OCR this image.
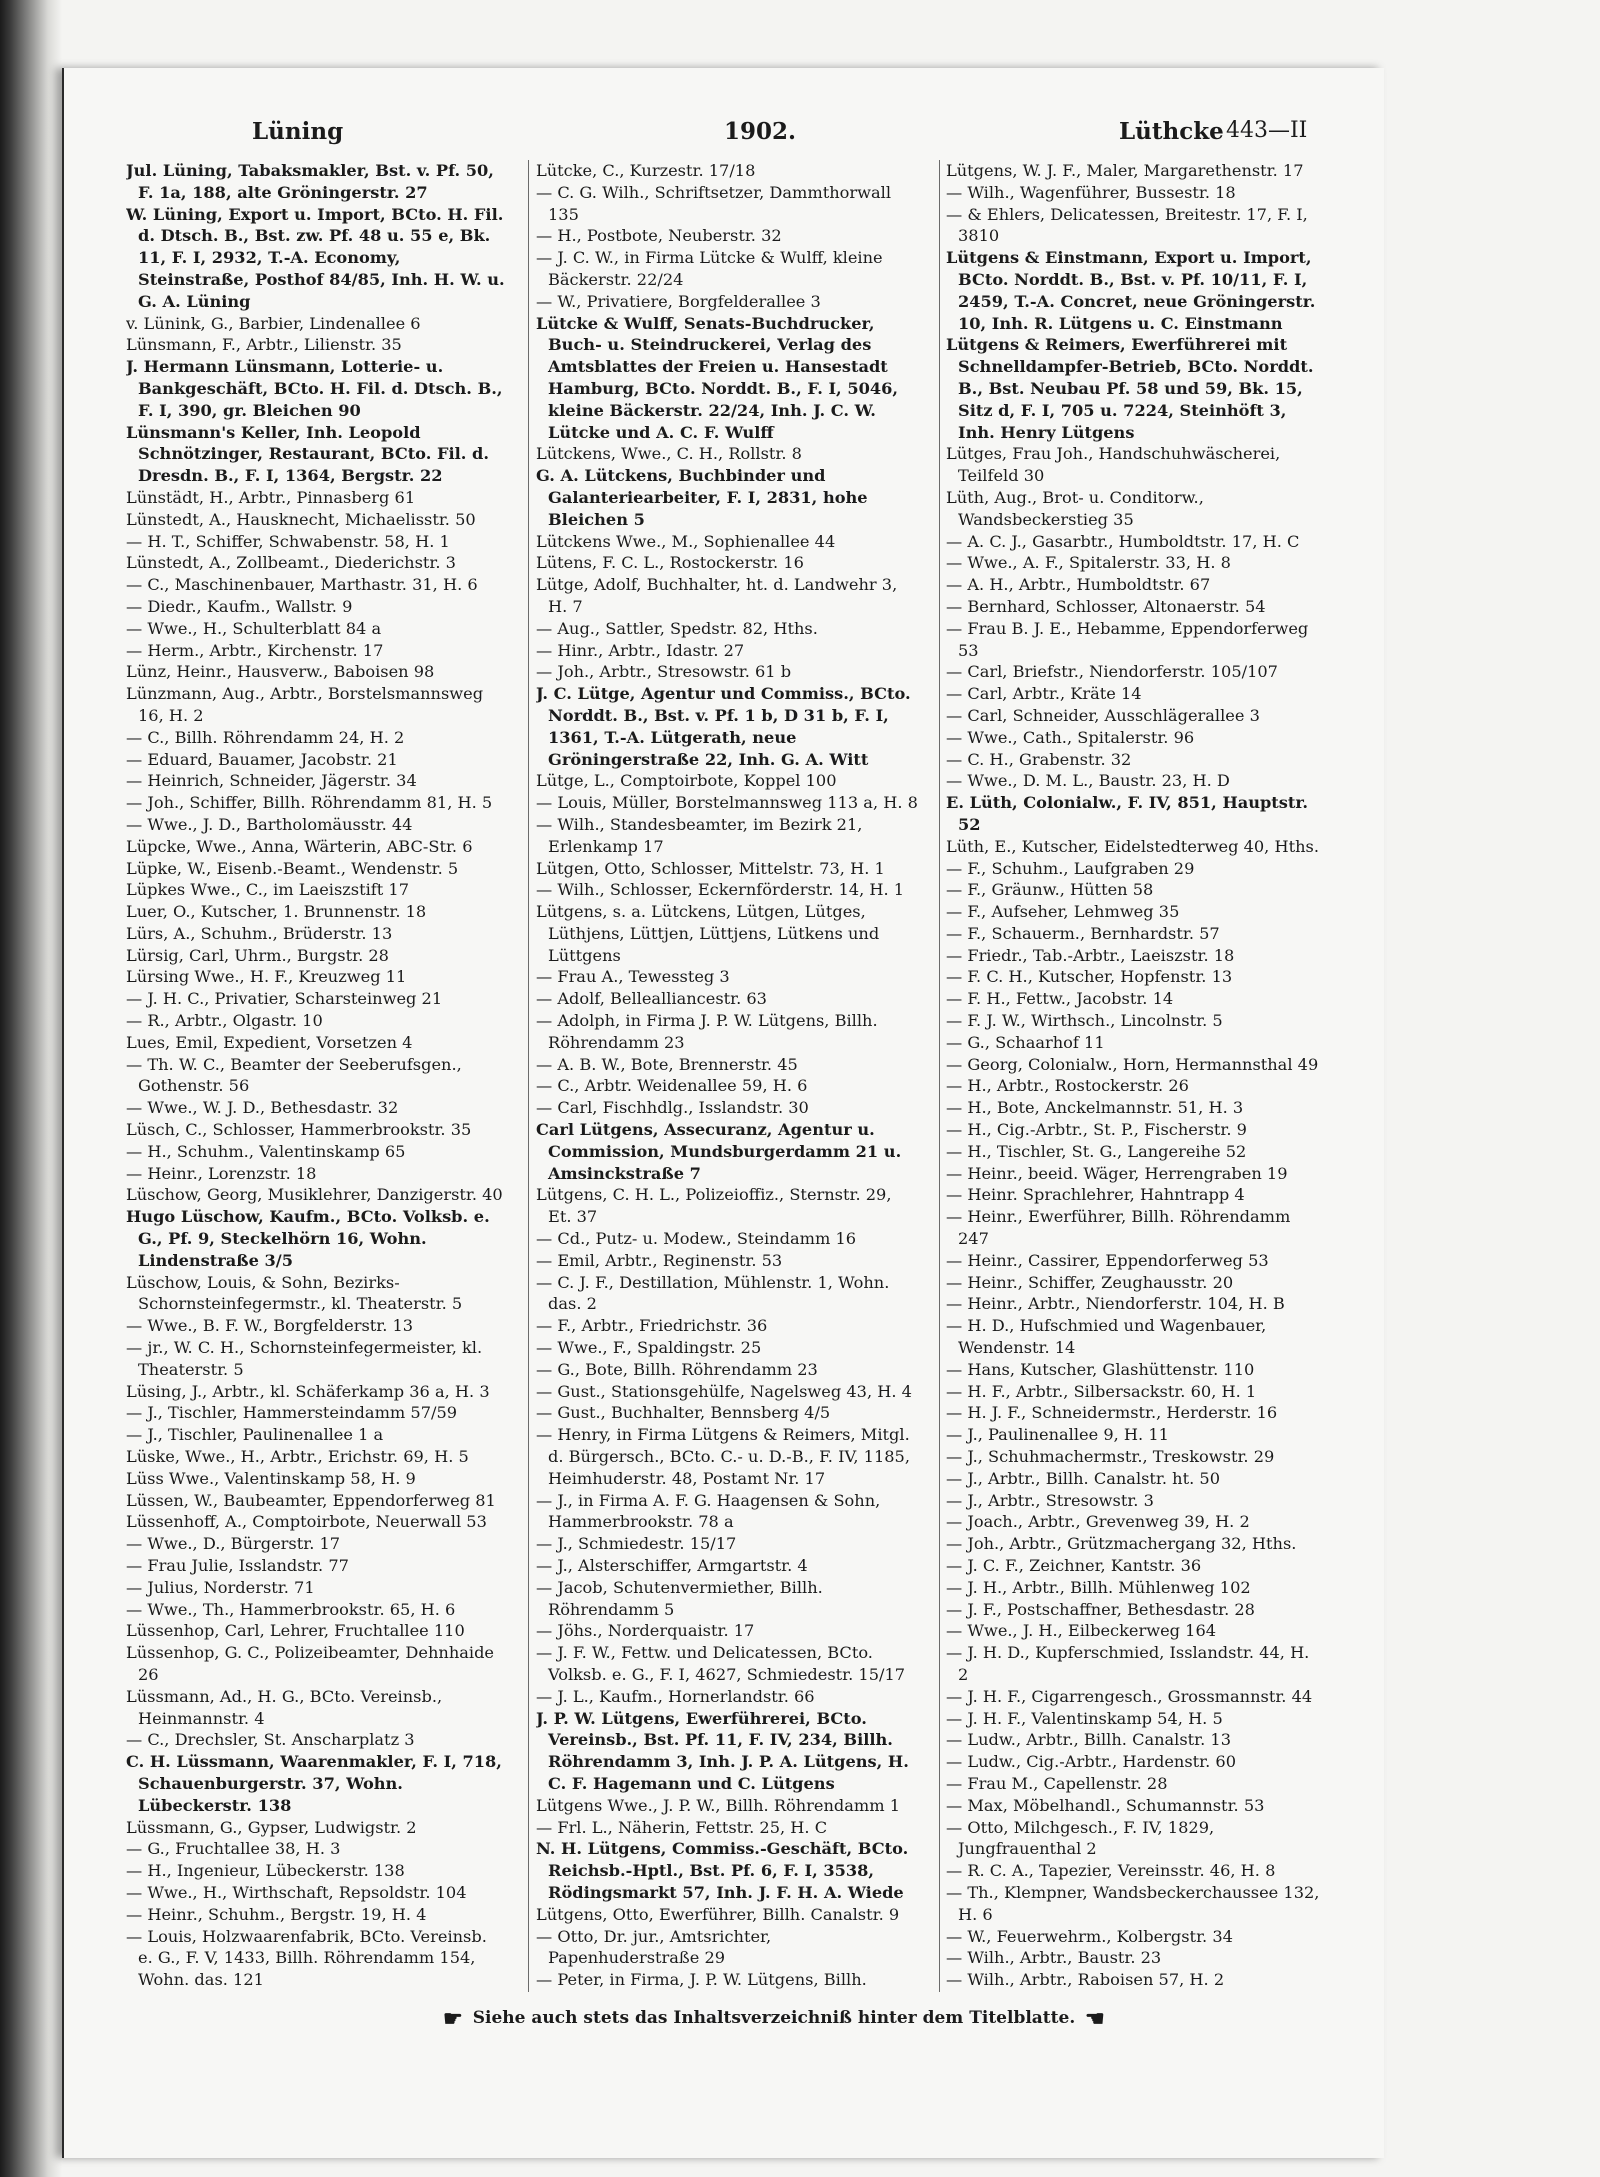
Lüning	1902.	Lüthcke 443—II

Jul. Lüning, Tabaksmakler, Bst. v. Pf. 50, F. 1a, 188, alte Gröningerstr. 27

W. Lüning, Export u. Import, BCto. H. Fil. d. Dtsch. B., Bst. zw. Pf. 48 u. 55 e, Bk. 11, F. I, 2932, T.-A. Economy, Steinstraße, Posthof 84/85, Inh. H. W. u. G. A. Lüning

v. Lünink, G., Barbier, Lindenallee 6

Lünsmann, F., Arbtr., Lilienstr. 35

J. Hermann Lünsmann, Lotterie- u. Bankgeschäft, BCto. H. Fil. d. Dtsch. B., F. I, 390, gr. Bleichen 90

Lünsmann's Keller, Inh. Leopold Schnötzinger, Restaurant, BCto. Fil. d. Dresdn. B., F. I, 1364, Bergstr. 22

Lünstädt, H., Arbtr., Pinnasberg 61

Lünstedt, A., Hausknecht, Michaelisstr. 50

— H. T., Schiffer, Schwabenstr. 58, H. 1

Lünstedt, A., Zollbeamt., Diederichstr. 3

— C., Maschinenbauer, Marthastr. 31, H. 6

— Diedr., Kaufm., Wallstr. 9

— Wwe., H., Schulterblatt 84 a

— Herm., Arbtr., Kirchenstr. 17

Lünz, Heinr., Hausverw., Baboisen 98

Lünzmann, Aug., Arbtr., Borstelsmannsweg 16, H. 2

— C., Billh. Röhrendamm 24, H. 2

— Eduard, Bauamer, Jacobstr. 21

— Heinrich, Schneider, Jägerstr. 34

— Joh., Schiffer, Billh. Röhrendamm 81, H. 5

— Wwe., J. D., Bartholomäusstr. 44

Lüpcke, Wwe., Anna, Wärterin, ABC-Str. 6

Lüpke, W., Eisenb.-Beamt., Wendenstr. 5

Lüpkes Wwe., C., im Laeiszstift 17

Luer, O., Kutscher, 1. Brunnenstr. 18

Lürs, A., Schuhm., Brüderstr. 13

Lürsig, Carl, Uhrm., Burgstr. 28

Lürsing Wwe., H. F., Kreuzweg 11

— J. H. C., Privatier, Scharsteinweg 21

— R., Arbtr., Olgastr. 10

Lues, Emil, Expedient, Vorsetzen 4

— Th. W. C., Beamter der Seeberufsgen., Gothenstr. 56

— Wwe., W. J. D., Bethesdastr. 32

Lüsch, C., Schlosser, Hammerbrookstr. 35

— H., Schuhm., Valentinskamp 65

— Heinr., Lorenzstr. 18

Lüschow, Georg, Musiklehrer, Danzigerstr. 40

Hugo Lüschow, Kaufm., BCto. Volksb. e. G., Pf. 9, Steckelhörn 16, Wohn. Lindenstraße 3/5

Lüschow, Louis, & Sohn, Bezirks-Schornsteinfegermstr., kl. Theaterstr. 5

— Wwe., B. F. W., Borgfelderstr. 13

— jr., W. C. H., Schornsteinfegermeister, kl. Theaterstr. 5

Lüsing, J., Arbtr., kl. Schäferkamp 36 a, H. 3

— J., Tischler, Hammersteindamm 57/59

— J., Tischler, Paulinenallee 1 a

Lüske, Wwe., H., Arbtr., Erichstr. 69, H. 5

Lüss Wwe., Valentinskamp 58, H. 9

Lüssen, W., Baubeamter, Eppendorferweg 81

Lüssenhoff, A., Comptoirbote, Neuerwall 53

— Wwe., D., Bürgerstr. 17

— Frau Julie, Isslandstr. 77

— Julius, Norderstr. 71

— Wwe., Th., Hammerbrookstr. 65, H. 6

Lüssenhop, Carl, Lehrer, Fruchtallee 110

Lüssenhop, G. C., Polizeibeamter, Dehnhaide 26

Lüssmann, Ad., H. G., BCto. Vereinsb., Heinmannstr. 4

— C., Drechsler, St. Anscharplatz 3

C. H. Lüssmann, Waarenmakler, F. I, 718, Schauenburgerstr. 37, Wohn. Lübeckerstr. 138

Lüssmann, G., Gypser, Ludwigstr. 2

— G., Fruchtallee 38, H. 3

— H., Ingenieur, Lübeckerstr. 138

— Wwe., H., Wirthschaft, Repsoldstr. 104

— Heinr., Schuhm., Bergstr. 19, H. 4

— Louis, Holzwaarenfabrik, BCto. Vereinsb. e. G., F. V, 1433, Billh. Röhrendamm 154, Wohn. das. 121

Lütcke, C., Kurzestr. 17/18

— C. G. Wilh., Schriftsetzer, Dammthorwall 135

— H., Postbote, Neuberstr. 32

— J. C. W., in Firma Lütcke & Wulff, kleine Bäckerstr. 22/24

— W., Privatiere, Borgfelderallee 3

Lütcke & Wulff, Senats-Buchdrucker, Buch- u. Steindruckerei, Verlag des Amtsblattes der Freien u. Hansestadt Hamburg, BCto. Norddt. B., F. I, 5046, kleine Bäckerstr. 22/24, Inh. J. C. W. Lütcke und A. C. F. Wulff

Lütckens, Wwe., C. H., Rollstr. 8

G. A. Lütckens, Buchbinder und Galanteriearbeiter, F. I, 2831, hohe Bleichen 5

Lütckens Wwe., M., Sophienallee 44

Lütens, F. C. L., Rostockerstr. 16

Lütge, Adolf, Buchhalter, ht. d. Landwehr 3, H. 7

— Aug., Sattler, Spedstr. 82, Hths.

— Hinr., Arbtr., Idastr. 27

— Joh., Arbtr., Stresowstr. 61 b

J. C. Lütge, Agentur und Commiss., BCto. Norddt. B., Bst. v. Pf. 1 b, D 31 b, F. I, 1361, T.-A. Lütgerath, neue Gröningerstraße 22, Inh. G. A. Witt

Lütge, L., Comptoirbote, Koppel 100

— Louis, Müller, Borstelmannsweg 113 a, H. 8

— Wilh., Standesbeamter, im Bezirk 21, Erlenkamp 17

Lütgen, Otto, Schlosser, Mittelstr. 73, H. 1

— Wilh., Schlosser, Eckernförderstr. 14, H. 1

Lütgens, s. a. Lütckens, Lütgen, Lütges, Lüthjens, Lüttjen, Lüttjens, Lütkens und Lüttgens

— Frau A., Tewessteg 3

— Adolf, Bellealliancestr. 63

— Adolph, in Firma J. P. W. Lütgens, Billh. Röhrendamm 23

— A. B. W., Bote, Brennerstr. 45

— C., Arbtr. Weidenallee 59, H. 6

— Carl, Fischhdlg., Isslandstr. 30

Carl Lütgens, Assecuranz, Agentur u. Commission, Mundsburgerdamm 21 u. Amsinckstraße 7

Lütgens, C. H. L., Polizeioffiz., Sternstr. 29, Et. 37

— Cd., Putz- u. Modew., Steindamm 16

— Emil, Arbtr., Reginenstr. 53

— C. J. F., Destillation, Mühlenstr. 1, Wohn. das. 2

— F., Arbtr., Friedrichstr. 36

— Wwe., F., Spaldingstr. 25

— G., Bote, Billh. Röhrendamm 23

— Gust., Stationsgehülfe, Nagelsweg 43, H. 4

— Gust., Buchhalter, Bennsberg 4/5

— Henry, in Firma Lütgens & Reimers, Mitgl. d. Bürgersch., BCto. C.- u. D.-B., F. IV, 1185, Heimhuderstr. 48, Postamt Nr. 17

— J., in Firma A. F. G. Haagensen & Sohn, Hammerbrookstr. 78 a

— J., Schmiedestr. 15/17

— J., Alsterschiffer, Armgartstr. 4

— Jacob, Schutenvermiether, Billh. Röhrendamm 5

— Jöhs., Norderquaistr. 17

— J. F. W., Fettw. und Delicatessen, BCto. Volksb. e. G., F. I, 4627, Schmiedestr. 15/17

— J. L., Kaufm., Hornerlandstr. 66

J. P. W. Lütgens, Ewerführerei, BCto. Vereinsb., Bst. Pf. 11, F. IV, 234, Billh. Röhrendamm 3, Inh. J. P. A. Lütgens, H. C. F. Hagemann und C. Lütgens

Lütgens Wwe., J. P. W., Billh. Röhrendamm 1

— Frl. L., Näherin, Fettstr. 25, H. C

N. H. Lütgens, Commiss.-Geschäft, BCto. Reichsb.-Hptl., Bst. Pf. 6, F. I, 3538, Rödingsmarkt 57, Inh. J. F. H. A. Wiede

Lütgens, Otto, Ewerführer, Billh. Canalstr. 9

— Otto, Dr. jur., Amtsrichter, Papenhuderstraße 29

— Peter, in Firma, J. P. W. Lütgens, Billh.

Lütgens, W. J. F., Maler, Margarethenstr. 17

— Wilh., Wagenführer, Bussestr. 18

— & Ehlers, Delicatessen, Breitestr. 17, F. I, 3810

Lütgens & Einstmann, Export u. Import, BCto. Norddt. B., Bst. v. Pf. 10/11, F. I, 2459, T.-A. Concret, neue Gröningerstr. 10, Inh. R. Lütgens u. C. Einstmann

Lütgens & Reimers, Ewerführerei mit Schnelldampfer-Betrieb, BCto. Norddt. B., Bst. Neubau Pf. 58 und 59, Bk. 15, Sitz d, F. I, 705 u. 7224, Steinhöft 3, Inh. Henry Lütgens

Lütges, Frau Joh., Handschuhwäscherei, Teilfeld 30

Lüth, Aug., Brot- u. Conditorw., Wandsbeckerstieg 35

— A. C. J., Gasarbtr., Humboldtstr. 17, H. C

— Wwe., A. F., Spitalerstr. 33, H. 8

— A. H., Arbtr., Humboldtstr. 67

— Bernhard, Schlosser, Altonaerstr. 54

— Frau B. J. E., Hebamme, Eppendorferweg 53

— Carl, Briefstr., Niendorferstr. 105/107

— Carl, Arbtr., Kräte 14

— Carl, Schneider, Ausschlägerallee 3

— Wwe., Cath., Spitalerstr. 96

— C. H., Grabenstr. 32

— Wwe., D. M. L., Baustr. 23, H. D

E. Lüth, Colonialw., F. IV, 851, Hauptstr. 52

Lüth, E., Kutscher, Eidelstedterweg 40, Hths.

— F., Schuhm., Laufgraben 29

— F., Gräunw., Hütten 58

— F., Aufseher, Lehmweg 35

— F., Schauerm., Bernhardstr. 57

— Friedr., Tab.-Arbtr., Laeiszstr. 18

— F. C. H., Kutscher, Hopfenstr. 13

— F. H., Fettw., Jacobstr. 14

— F. J. W., Wirthsch., Lincolnstr. 5

— G., Schaarhof 11

— Georg, Colonialw., Horn, Hermannsthal 49

— H., Arbtr., Rostockerstr. 26

— H., Bote, Anckelmannstr. 51, H. 3

— H., Cig.-Arbtr., St. P., Fischerstr. 9

— H., Tischler, St. G., Langereihe 52

— Heinr., beeid. Wäger, Herrengraben 19

— Heinr. Sprachlehrer, Hahntrapp 4

— Heinr., Ewerführer, Billh. Röhrendamm 247

— Heinr., Cassirer, Eppendorferweg 53

— Heinr., Schiffer, Zeughausstr. 20

— Heinr., Arbtr., Niendorferstr. 104, H. B

— H. D., Hufschmied und Wagenbauer, Wendenstr. 14

— Hans, Kutscher, Glashüttenstr. 110

— H. F., Arbtr., Silbersackstr. 60, H. 1

— H. J. F., Schneidermstr., Herderstr. 16

— J., Paulinenallee 9, H. 11

— J., Schuhmachermstr., Treskowstr. 29

— J., Arbtr., Billh. Canalstr. ht. 50

— J., Arbtr., Stresowstr. 3

— Joach., Arbtr., Grevenweg 39, H. 2

— Joh., Arbtr., Grützmachergang 32, Hths.

— J. C. F., Zeichner, Kantstr. 36

— J. H., Arbtr., Billh. Mühlenweg 102

— J. F., Postschaffner, Bethesdastr. 28

— Wwe., J. H., Eilbeckerweg 164

— J. H. D., Kupferschmied, Isslandstr. 44, H. 2

— J. H. F., Cigarrengesch., Grossmannstr. 44

— J. H. F., Valentinskamp 54, H. 5

— Ludw., Arbtr., Billh. Canalstr. 13

— Ludw., Cig.-Arbtr., Hardenstr. 60

— Frau M., Capellenstr. 28

— Max, Möbelhandl., Schumannstr. 53

— Otto, Milchgesch., F. IV, 1829, Jungfrauenthal 2

— R. C. A., Tapezier, Vereinsstr. 46, H. 8

— Th., Klempner, Wandsbeckerchaussee 132, H. 6

— W., Feuerwehrm., Kolbergstr. 34

— Wilh., Arbtr., Baustr. 23

— Wilh., Arbtr., Raboisen 57, H. 2

☛ Siehe auch stets das Inhaltsverzeichniß hinter dem Titelblatte. ☛
